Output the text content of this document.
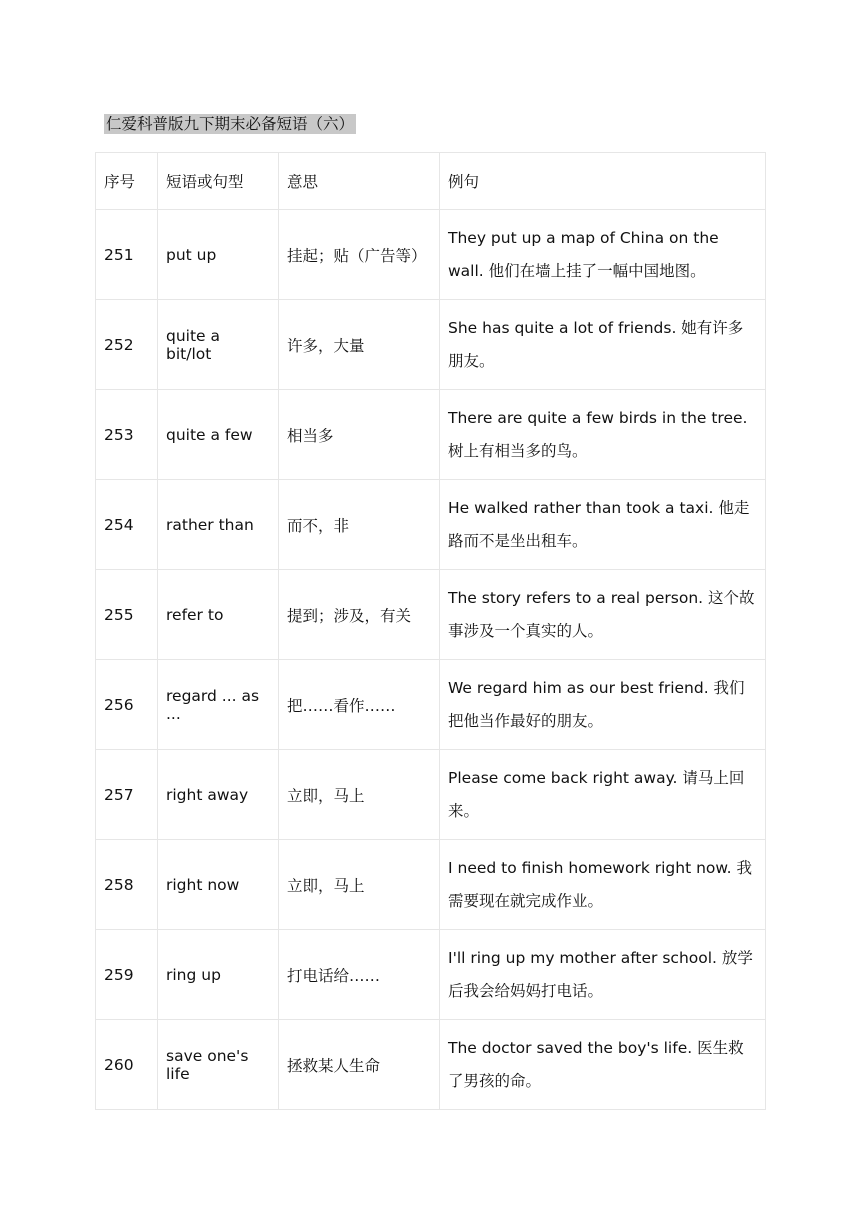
仁爱科普版九下期末必备短语（六）
序号	短语或句型	意思	例句
251	put up	挂起；贴（广告等）	They put up a map of China on the wall. 他们在墙上挂了一幅中国地图。
252	quite a bit/lot	许多，大量	She has quite a lot of friends. 她有许多朋友。
253	quite a few	相当多	There are quite a few birds in the tree. 树上有相当多的鸟。
254	rather than	而不，非	He walked rather than took a taxi. 他走路而不是坐出租车。
255	refer to	提到；涉及，有关	The story refers to a real person. 这个故事涉及一个真实的人。
256	regard ... as ...	把……看作……	We regard him as our best friend. 我们把他当作最好的朋友。
257	right away	立即，马上	Please come back right away. 请马上回来。
258	right now	立即，马上	I need to finish homework right now. 我需要现在就完成作业。
259	ring up	打电话给……	I'll ring up my mother after school. 放学后我会给妈妈打电话。
260	save one's life	拯救某人生命	The doctor saved the boy's life. 医生救了男孩的命。
